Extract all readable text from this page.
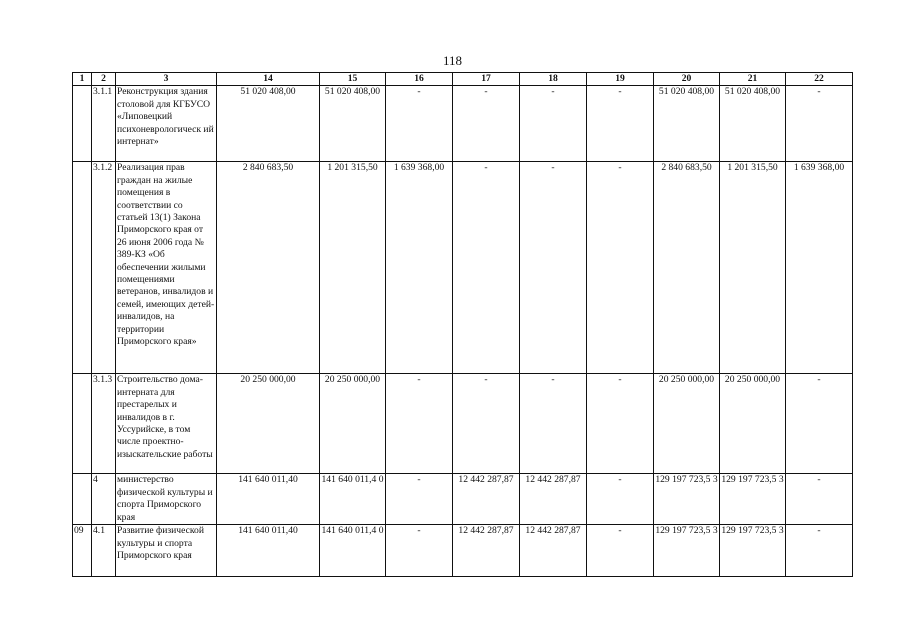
118
1	2	3	14	15	16	17	18	19	20	21	22
	3.1.1	Реконструкция здания столовой для КГБУСО «Липовецкий психоневрологическ ий интернат»	51 020 408,00	51 020 408,00	-	-	-	-	51 020 408,00	51 020 408,00	-
	3.1.2	Реализация прав граждан на жилые помещения в соответствии со статьей 13(1) Закона Приморского края от 26 июня 2006 года № 389-КЗ «Об обеспечении жилыми помещениями ветеранов, инвалидов и семей, имеющих детей-инвалидов, на территории Приморского края»	2 840 683,50	1 201 315,50	1 639 368,00	-	-	-	2 840 683,50	1 201 315,50	1 639 368,00
	3.1.3	Строительство дома-интерната для престарелых и инвалидов в г. Уссурийске, в том числе проектно-изыскательские работы	20 250 000,00	20 250 000,00	-	-	-	-	20 250 000,00	20 250 000,00	-
	4	министерство физической культуры и спорта Приморского края	141 640 011,40	141 640 011,4 0	-	12 442 287,87	12 442 287,87	-	129 197 723,5 3	129 197 723,5 3	-
09	4.1	Развитие физической культуры и спорта Приморского края	141 640 011,40	141 640 011,4 0	-	12 442 287,87	12 442 287,87	-	129 197 723,5 3	129 197 723,5 3	-
